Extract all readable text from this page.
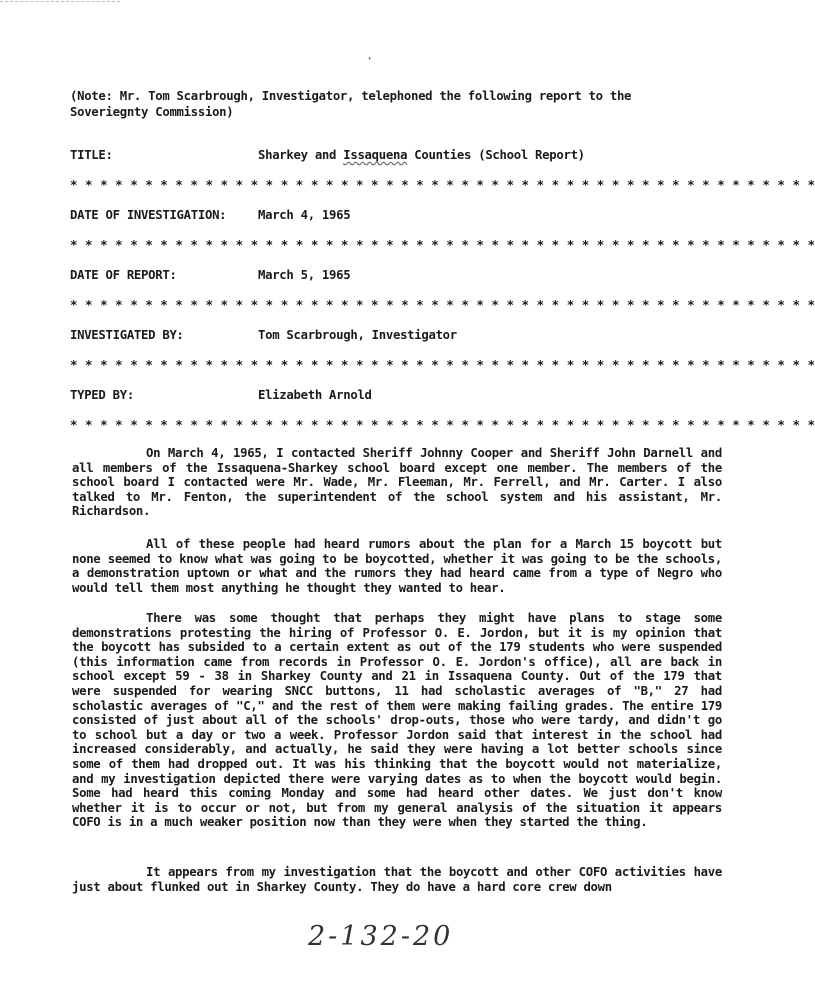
‧

(Note: Mr. Tom Scarbrough, Investigator, telephoned the following report to the Soveriegnty Commission)

TITLE:	Sharkey and Issaquena Counties (School Report)
* * * * * * * * * * * * * * * * * * * * * * * * * * * * * * * * * * * * * * * * * * * * * * * * * *
DATE OF INVESTIGATION:	March 4, 1965
* * * * * * * * * * * * * * * * * * * * * * * * * * * * * * * * * * * * * * * * * * * * * * * * * *
DATE OF REPORT:	March 5, 1965
* * * * * * * * * * * * * * * * * * * * * * * * * * * * * * * * * * * * * * * * * * * * * * * * * *
INVESTIGATED BY:	Tom Scarbrough, Investigator
* * * * * * * * * * * * * * * * * * * * * * * * * * * * * * * * * * * * * * * * * * * * * * * * * *
TYPED BY:	Elizabeth Arnold
* * * * * * * * * * * * * * * * * * * * * * * * * * * * * * * * * * * * * * * * * * * * * * * * * *

On March 4, 1965, I contacted Sheriff Johnny Cooper and Sheriff John Darnell and all members of the Issaquena-Sharkey school board except one member. The members of the school board I contacted were Mr. Wade, Mr. Fleeman, Mr. Ferrell, and Mr. Carter. I also talked to Mr. Fenton, the superintendent of the school system and his assistant, Mr. Richardson.

All of these people had heard rumors about the plan for a March 15 boycott but none seemed to know what was going to be boycotted, whether it was going to be the schools, a demonstration uptown or what and the rumors they had heard came from a type of Negro who would tell them most anything he thought they wanted to hear.

There was some thought that perhaps they might have plans to stage some demonstrations protesting the hiring of Professor O. E. Jordon, but it is my opinion that the boycott has subsided to a certain extent as out of the 179 students who were suspended (this information came from records in Professor O. E. Jordon's office), all are back in school except 59 - 38 in Sharkey County and 21 in Issaquena County. Out of the 179 that were suspended for wearing SNCC buttons, 11 had scholastic averages of "B," 27 had scholastic averages of "C," and the rest of them were making failing grades. The entire 179 consisted of just about all of the schools' drop-outs, those who were tardy, and didn't go to school but a day or two a week. Professor Jordon said that interest in the school had increased considerably, and actually, he said they were having a lot better schools since some of them had dropped out. It was his thinking that the boycott would not materialize, and my investigation depicted there were varying dates as to when the boycott would begin. Some had heard this coming Monday and some had heard other dates. We just don't know whether it is to occur or not, but from my general analysis of the situation it appears COFO is in a much weaker position now than they were when they started the thing.

It appears from my investigation that the boycott and other COFO activities have just about flunked out in Sharkey County. They do have a hard core crew down

2-132-20
